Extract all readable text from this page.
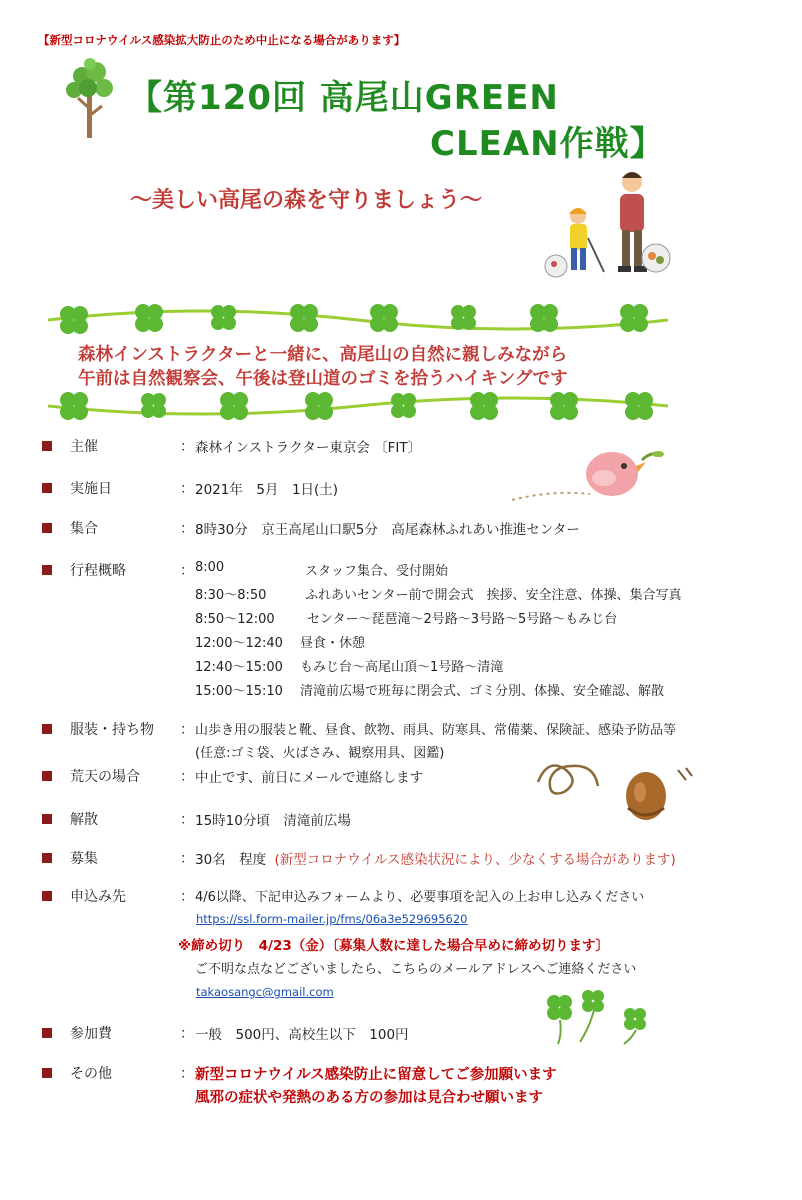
【新型コロナウイルス感染拡大防止のため中止になる場合があります】
【第120回 高尾山GREEN
CLEAN作戦】
～美しい高尾の森を守りましょう～
森林インストラクターと一緒に、高尾山の自然に親しみながら
午前は自然観察会、午後は登山道のゴミを拾うハイキングです
主催	： 森林インストラクター東京会 〔FIT〕
実施日	： 2021年　5月　1日(土)
集合	： 8時30分　京王高尾山口駅5分　高尾森林ふれあい推進センター
行程概略	： 8:00	スタッフ集合、受付開始
8:30～8:50	ふれあいセンター前で開会式　挨拶、安全注意、体操、集合写真
8:50～12:00 センター～琵琶滝～2号路～3号路～5号路～もみじ台
12:00～12:40 昼食・休憩
12:40～15:00 もみじ台～高尾山頂～1号路～清滝
15:00～15:10 清滝前広場で班毎に閉会式、ゴミ分別、体操、安全確認、解散
服装・持ち物 ： 山歩き用の服装と靴、昼食、飲物、雨具、防寒具、常備薬、保険証、感染予防品等
(任意:ゴミ袋、火ばさみ、観察用具、図鑑)
荒天の場合	： 中止です、前日にメールで連絡します
解散	： 15時10分頃　清滝前広場
募集	： 30名　程度 (新型コロナウイルス感染状況により、少なくする場合があります)
申込み先	： 4/6以降、下記申込みフォームより、必要事項を記入の上お申し込みください
https://ssl.form-mailer.jp/fms/06a3e529695620
※締め切り　4/23（金）〔募集人数に達した場合早めに締め切ります〕
ご不明な点などございましたら、こちらのメールアドレスへご連絡ください
takaosangc@gmail.com
参加費	： 一般　500円、高校生以下　100円
その他	： 新型コロナウイルス感染防止に留意してご参加願います
風邪の症状や発熱のある方の参加は見合わせ願います
